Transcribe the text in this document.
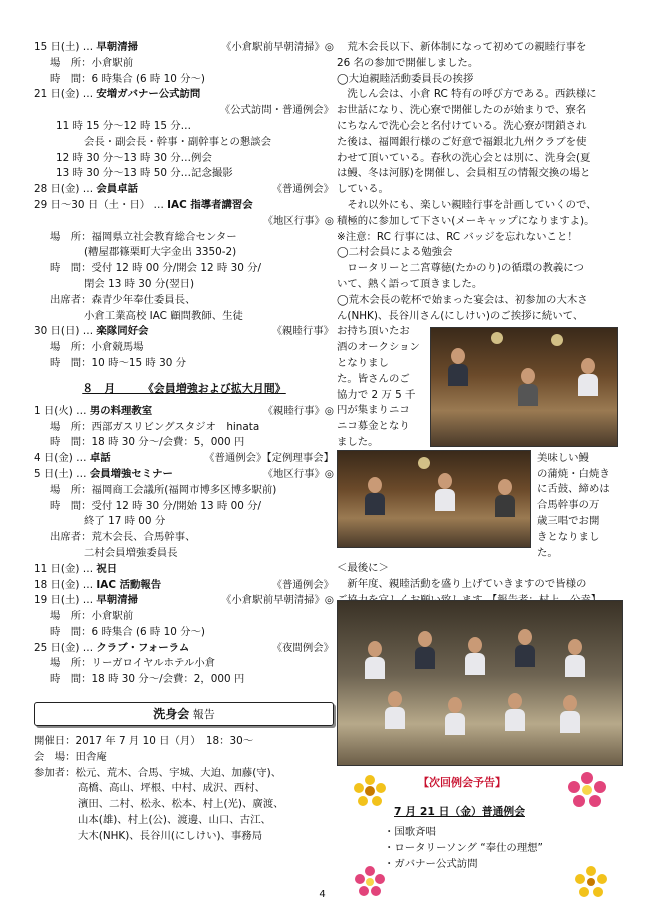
15 日(土) … 早朝清掃	《小倉駅前早朝清掃》◎
場　所：小倉駅前
時　間：6 時集合 (6 時 10 分～)
21 日(金) … 安増ガバナー公式訪問
《公式訪問・普通例会》
11 時 15 分～12 時 15 分…
会長・副会長・幹事・副幹事との懇談会
12 時 30 分～13 時 30 分…例会
13 時 30 分～13 時 50 分…記念撮影
28 日(金) … 会員卓話	《普通例会》
29 日～30 日（土・日） … IAC 指導者講習会
《地区行事》◎
場　所：福岡県立社会教育総合センター
(糟屋郡篠栗町大字金出 3350-2)
時　間：受付 12 時 00 分/開会 12 時 30 分/
閉会 13 時 30 分(翌日)
出席者：森青少年奉仕委員長、
小倉工業高校 IAC 顧問教師、生徒
30 日(日) … 楽隊同好会	《親睦行事》
場　所：小倉競馬場
時　間：10 時～15 時 30 分
８　月　　　《会員増強および拡大月間》
1 日(火) … 男の料理教室	《親睦行事》◎
場　所：西部ガスリビングスタジオ　hinata
時　間：18 時 30 分～/会費：5，000 円
4 日(金) … 卓話	《普通例会》【定例理事会】
5 日(土) … 会員増強セミナー	《地区行事》◎
場　所：福岡商工会議所(福岡市博多区博多駅前)
時　間：受付 12 時 30 分/開始 13 時 00 分/
終了 17 時 00 分
出席者：荒木会長、合馬幹事、
二村会員増強委員長
11 日(金) … 祝日
18 日(金) … IAC 活動報告	《普通例会》
19 日(土) … 早朝清掃	《小倉駅前早朝清掃》◎
場　所：小倉駅前
時　間：6 時集合 (6 時 10 分～)
25 日(金) … クラブ・フォーラム	《夜間例会》
場　所：リーガロイヤルホテル小倉
時　間：18 時 30 分～/会費：2，000 円
洗身会 報告
開催日：2017 年 7 月 10 日（月）　18：30～
会　場：田舎庵
参加者：松元、荒木、合馬、宇城、大迫、加藤(守)、
高橋、高山、坪根、中村、成沢、西村、
濱田、二村、松永、松本、村上(光)、廣渡、
山本(雄)、村上(公)、渡邊、山口、古江、
大木(NHK)、長谷川(にしけい)、事務局
　荒木会長以下、新体制になって初めての親睦行事を
26 名の参加で開催しました。
◯大迫親睦活動委員長の挨拶
　洗しん会は、小倉 RC 特有の呼び方である。西鉄様に
お世話になり、洗心寮で開催したのが始まりで、寮名
にちなんで洗心会と名付けている。洗心寮が閉鎖され
た後は、福岡銀行様のご好意で福銀北九州クラブを使
わせて頂いている。春秋の洗心会とは別に、洗身会(夏
は鰻、冬は河豚)を開催し、会員相互の情報交換の場と
している。
　それ以外にも、楽しい親睦行事を計画していくので、
積極的に参加して下さい(メーキャップになりますよ)。
※注意：RC 行事には、RC バッジを忘れないこと！
◯二村会員による勉強会
　ロータリーと二宮尊徳(たかのり)の循環の教義につ
いて、熱く語って頂きました。
◯荒木会長の乾杯で始まった宴会は、初参加の大木さ
ん(NHK)、長谷川さん(にしけい)のご挨拶に続いて、
お持ち頂いたお
酒のオークション
となりまし
た。皆さんのご
協力で 2 万 5 千
円が集まりニコ
ニコ募金となり
ました。
美味しい鰻
の蒲焼・白焼き
に舌鼓、締めは
合馬幹事の万
歳三唱でお開
きとなりまし
た。
＜最後に＞
　新年度、親睦活動を盛り上げていきますので皆様の
【次回例会予告】
7 月 21 日（金）普通例会
・国歌斉唱
・ロータリーソング “奉仕の理想”
・ガバナー公式訪問
4
